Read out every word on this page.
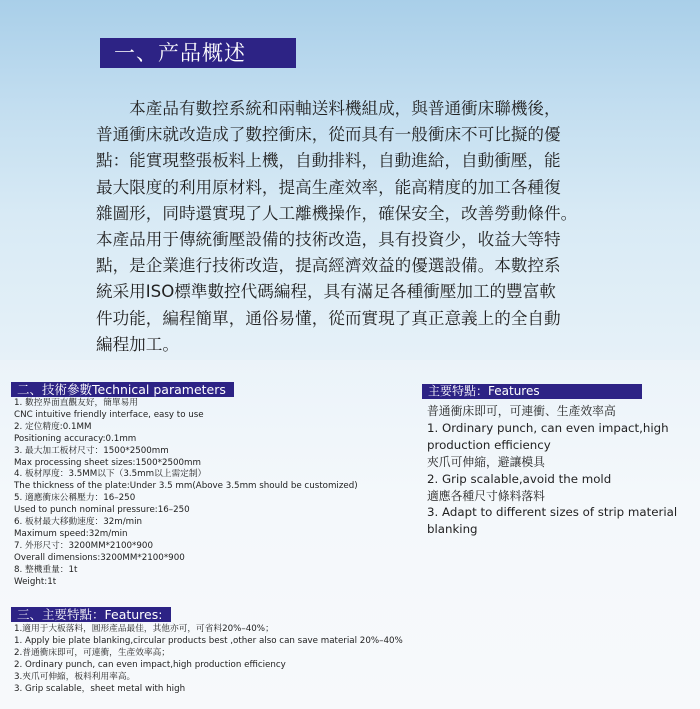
一、产品概述

　　本產品有數控系統和兩軸送料機組成，與普通衝床聯機後，
普通衝床就改造成了數控衝床，從而具有一般衝床不可比擬的優
點：能實現整張板料上機，自動排料，自動進給，自動衝壓，能
最大限度的利用原材料，提高生產效率，能高精度的加工各種復
雜圖形，同時還實現了人工離機操作，確保安全，改善勞動條件。
本產品用于傳統衝壓設備的技術改造，具有投資少，收益大等特
點，是企業進行技術改造，提高經濟效益的優選設備。本數控系
統采用ISO標準數控代碼編程，具有滿足各種衝壓加工的豐富軟
件功能，編程簡單，通俗易懂，從而實現了真正意義上的全自動
編程加工。

二、技術參數Technical parameters
1. 數控界面直觀友好，簡單易用
CNC intuitive friendly interface, easy to use
2. 定位精度:0.1MM
Positioning accuracy:0.1mm
3. 最大加工板材尺寸：1500*2500mm
Max processing sheet sizes:1500*2500mm
4. 板材厚度：3.5MM以下（3.5mm以上需定制）
The thickness of the plate:Under 3.5 mm(Above 3.5mm should be customized)
5. 適應衝床公稱壓力：16–250
Used to punch nominal pressure:16–250
6. 板材最大移動速度：32m/min
Maximum speed:32m/min
7. 外形尺寸：3200MM*2100*900
Overall dimensions:3200MM*2100*900
8. 整機重量：1t
Weight:1t
三、主要特點：Features:
1.適用于大板落料，圓形產品最佳，其他亦可，可省料20%–40%；
1. Apply bie plate blanking,circular products best ,other also can save material 20%–40%
2.普通衝床即可，可連衝，生產效率高；
2. Ordinary punch, can even impact,high production efficiency
3.夾爪可伸縮，板料利用率高。
3. Grip scalable，sheet metal with high
主要特點：Features
普通衝床即可，可連衝、生產效率高
1. Ordinary punch, can even impact,high production efficiency
夾爪可伸縮，避讓模具
2. Grip scalable,avoid the mold
適應各種尺寸條料落料
3. Adapt to different sizes of strip material blanking
